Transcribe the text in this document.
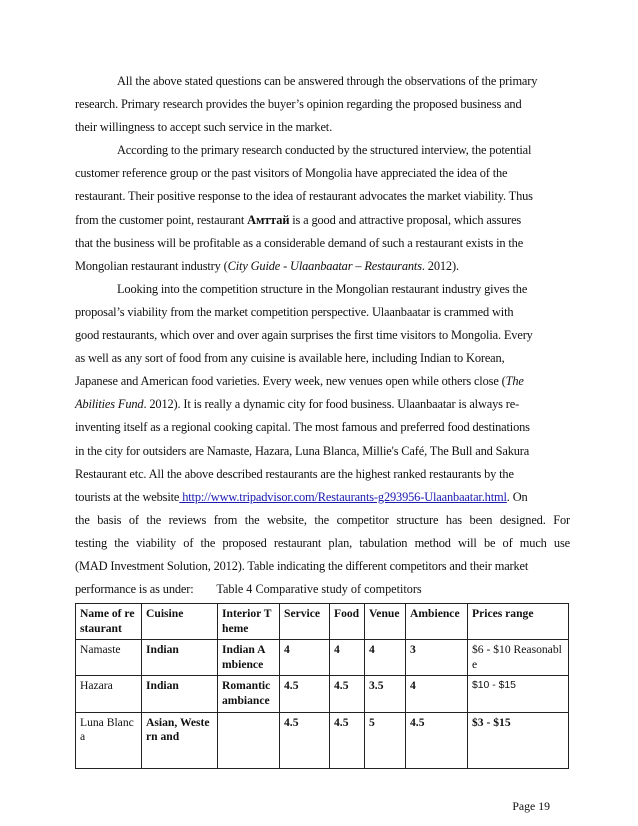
All the above stated questions can be answered through the observations of the primary
research. Primary research provides the buyer’s opinion regarding the proposed business and
their willingness to accept such service in the market.
According to the primary research conducted by the structured interview, the potential
customer reference group or the past visitors of Mongolia have appreciated the idea of the
restaurant. Their positive response to the idea of restaurant advocates the market viability. Thus
from the customer point, restaurant Амттай is a good and attractive proposal, which assures
that the business will be profitable as a considerable demand of such a restaurant exists in the
Mongolian restaurant industry (City Guide - Ulaanbaatar – Restaurants. 2012).
Looking into the competition structure in the Mongolian restaurant industry gives the
proposal’s viability from the market competition perspective. Ulaanbaatar is crammed with
good restaurants, which over and over again surprises the first time visitors to Mongolia. Every
as well as any sort of food from any cuisine is available here, including Indian to Korean,
Japanese and American food varieties. Every week, new venues open while others close (The
Abilities Fund. 2012). It is really a dynamic city for food business. Ulaanbaatar is always re-
inventing itself as a regional cooking capital. The most famous and preferred food destinations
in the city for outsiders are Namaste, Hazara, Luna Blanca, Millie's Café, The Bull and Sakura
Restaurant etc. All the above described restaurants are the highest ranked restaurants by the
tourists at the website http://www.tripadvisor.com/Restaurants-g293956-Ulaanbaatar.html. On
the basis of the reviews from the website, the competitor structure has been designed. For
testing the viability of the proposed restaurant plan, tabulation method will be of much use
(MAD Investment Solution, 2012). Table indicating the different competitors and their market
performance is as under:	Table 4 Comparative study of competitors
Name of restaurant	Cuisine	Interior Theme	Service	Food	Venue	Ambience	Prices range
Namaste	Indian	Indian Ambience	4	4	4	3	$6 - $10 Reasonable
Hazara	Indian	Romantic ambiance	4.5	4.5	3.5	4	$10 - $15
Luna Blanca	Asian, Western and		4.5	4.5	5	4.5	$3 - $15
Page 19
